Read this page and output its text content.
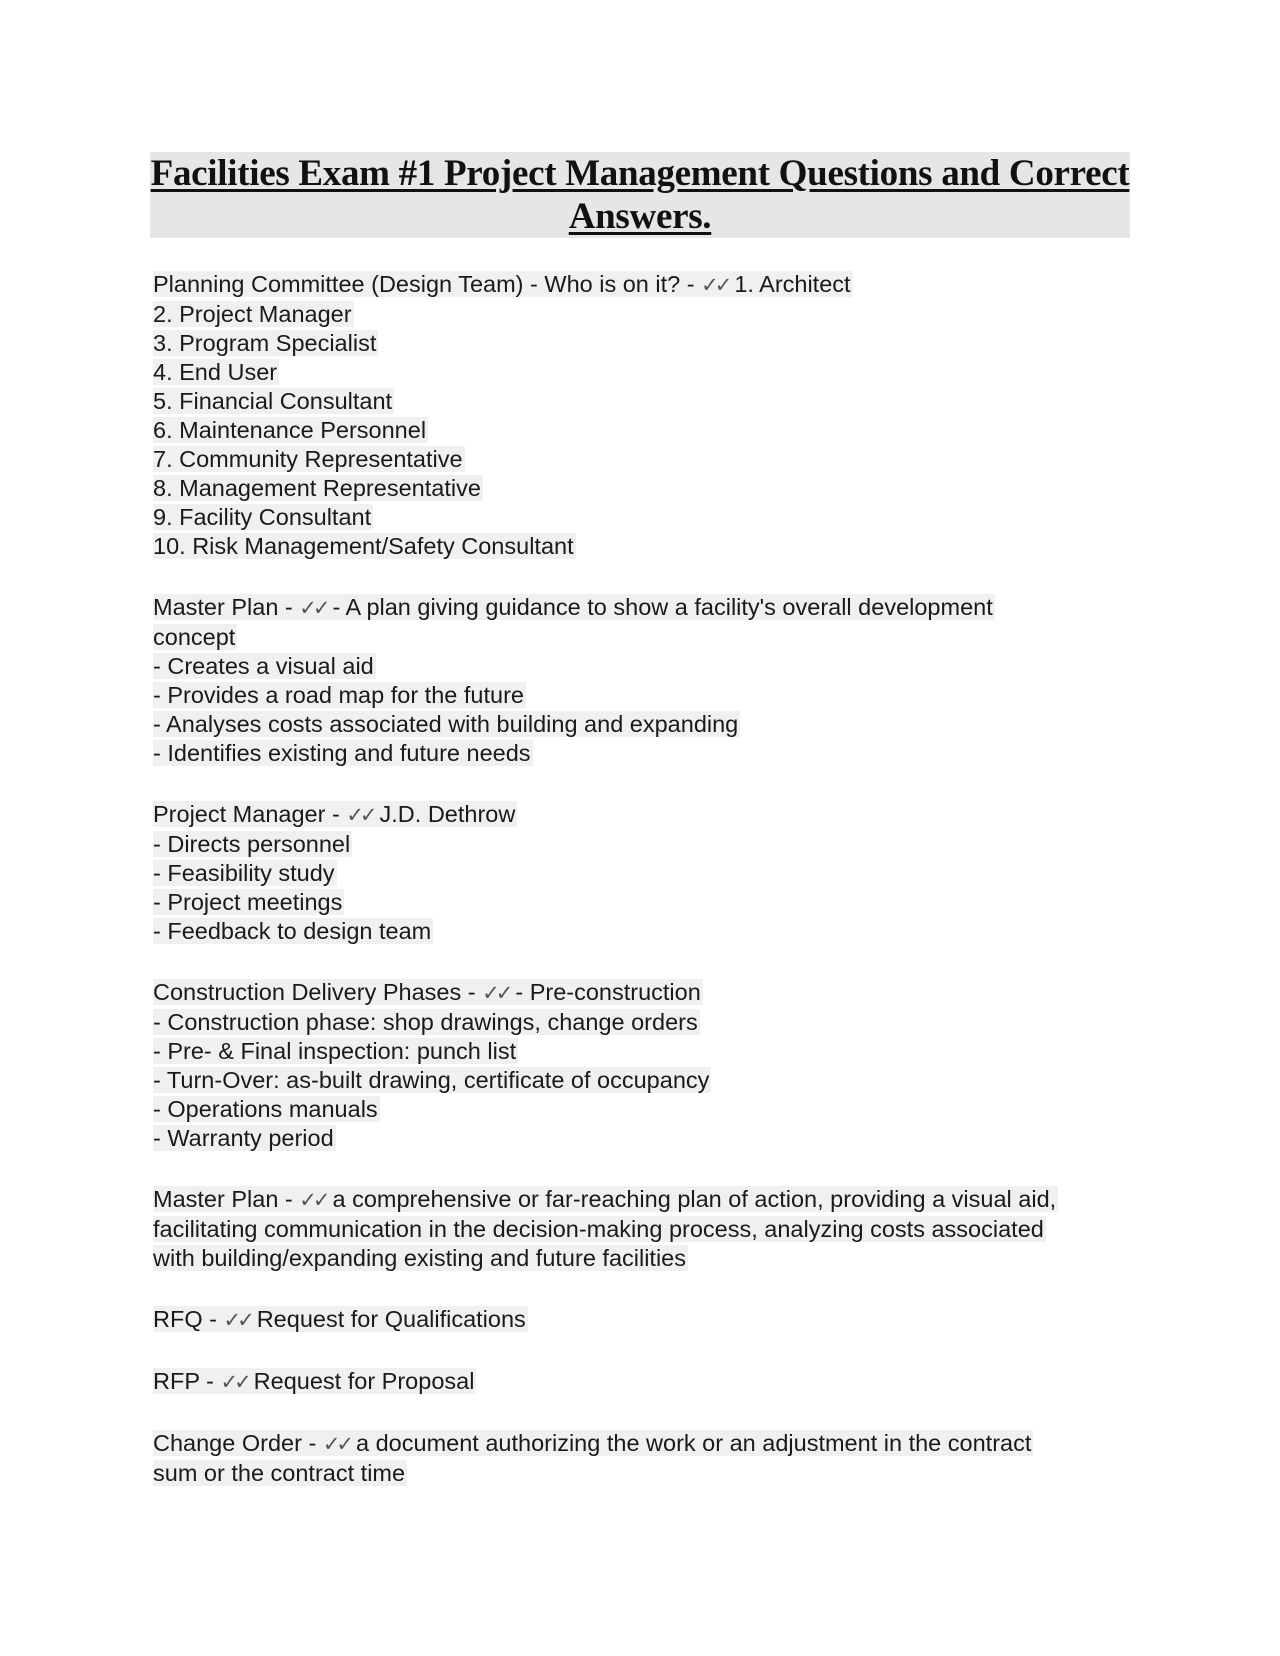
Facilities Exam #1 Project Management Questions and Correct
Answers.
Planning Committee (Design Team) - Who is on it? - ✓✓ 1. Architect
2. Project Manager
3. Program Specialist
4. End User
5. Financial Consultant
6. Maintenance Personnel
7. Community Representative
8. Management Representative
9. Facility Consultant
10. Risk Management/Safety Consultant
Master Plan - ✓✓ - A plan giving guidance to show a facility's overall development
concept
- Creates a visual aid
- Provides a road map for the future
- Analyses costs associated with building and expanding
- Identifies existing and future needs
Project Manager - ✓✓ J.D. Dethrow
- Directs personnel
- Feasibility study
- Project meetings
- Feedback to design team
Construction Delivery Phases - ✓✓ - Pre-construction
- Construction phase: shop drawings, change orders
- Pre- & Final inspection: punch list
- Turn-Over: as-built drawing, certificate of occupancy
- Operations manuals
- Warranty period
Master Plan - ✓✓ a comprehensive or far-reaching plan of action, providing a visual aid,
facilitating communication in the decision-making process, analyzing costs associated
with building/expanding existing and future facilities
RFQ - ✓✓ Request for Qualifications
RFP - ✓✓ Request for Proposal
Change Order - ✓✓ a document authorizing the work or an adjustment in the contract
sum or the contract time
